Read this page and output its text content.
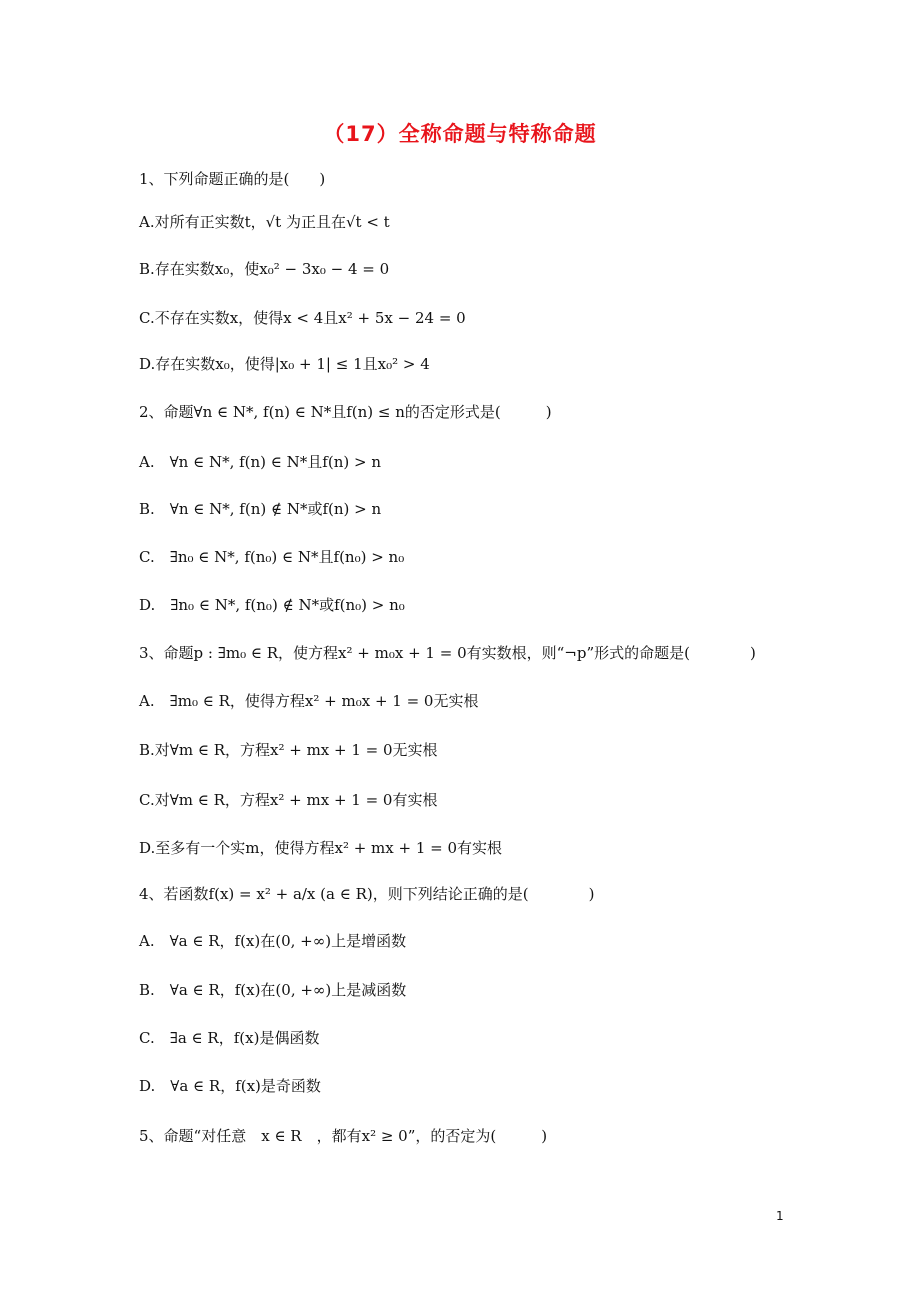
（17）全称命题与特称命题
1、下列命题正确的是(　　)
A.对所有正实数t，√t 为正且在√t < t
B.存在实数x₀，使x₀² − 3x₀ − 4 = 0
C.不存在实数x，使得x < 4且x² + 5x − 24 = 0
D.存在实数x₀，使得|x₀ + 1| ≤ 1且x₀² > 4
2、命题∀n ∈ N*, f(n) ∈ N*且f(n) ≤ n的否定形式是(　　　)
A.　∀n ∈ N*, f(n) ∈ N*且f(n) > n
B.　∀n ∈ N*, f(n) ∉ N*或f(n) > n
C.　∃n₀ ∈ N*, f(n₀) ∈ N*且f(n₀) > n₀
D.　∃n₀ ∈ N*, f(n₀) ∉ N*或f(n₀) > n₀
3、命题p : ∃m₀ ∈ R，使方程x² + m₀x + 1 = 0有实数根，则“¬p”形式的命题是(　　　　)
A.　∃m₀ ∈ R，使得方程x² + m₀x + 1 = 0无实根
B.对∀m ∈ R，方程x² + mx + 1 = 0无实根
C.对∀m ∈ R，方程x² + mx + 1 = 0有实根
D.至多有一个实m，使得方程x² + mx + 1 = 0有实根
4、若函数f(x) = x² + a/x (a ∈ R)，则下列结论正确的是(　　　　)
A.　∀a ∈ R，f(x)在(0, +∞)上是增函数
B.　∀a ∈ R，f(x)在(0, +∞)上是减函数
C.　∃a ∈ R，f(x)是偶函数
D.　∀a ∈ R，f(x)是奇函数
5、命题“对任意　x ∈ R　，都有x² ≥ 0”，的否定为(　　　)
1
